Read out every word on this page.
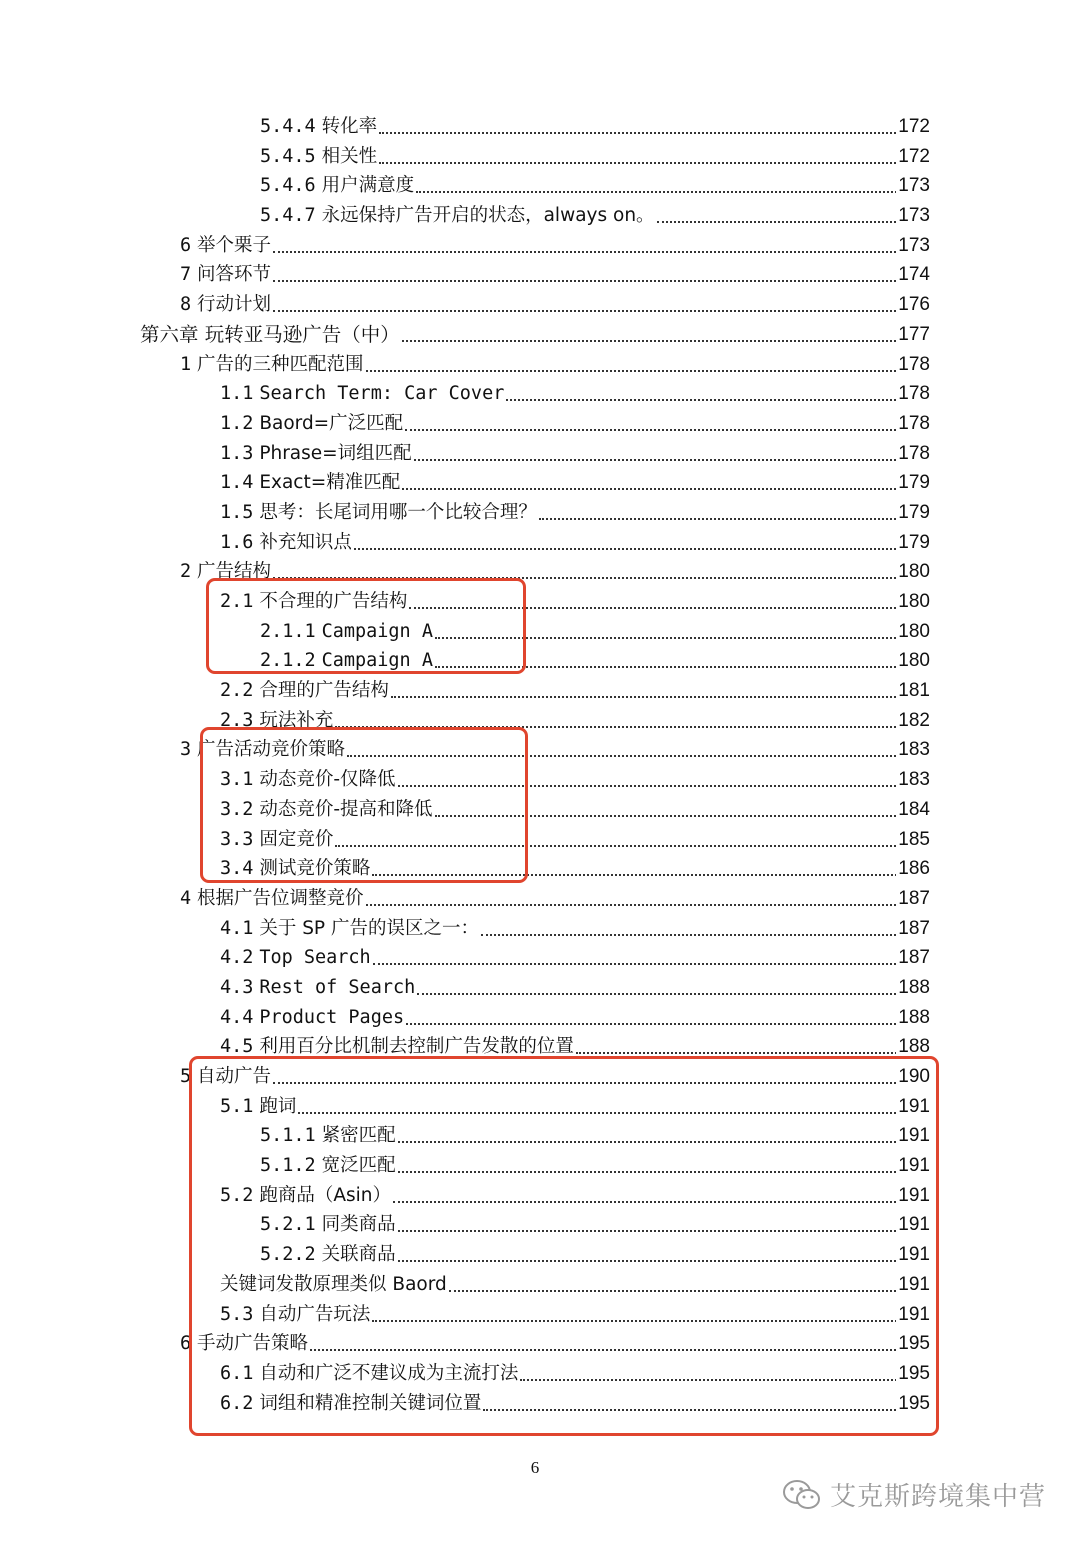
5.4.4 转化率	172
5.4.5 相关性	172
5.4.6 用户满意度	173
5.4.7 永远保持广告开启的状态，always on。	173
6 举个栗子	173
7 问答环节	174
8 行动计划	176
第六章 玩转亚马逊广告（中）	177
1 广告的三种匹配范围	178
1.1 Search Term: Car Cover	178
1.2 Baord=广泛匹配	178
1.3 Phrase=词组匹配	178
1.4 Exact=精准匹配	179
1.5 思考：长尾词用哪一个比较合理？	179
1.6 补充知识点	179
2 广告结构	180
2.1 不合理的广告结构	180
2.1.1 Campaign A	180
2.1.2 Campaign A	180
2.2 合理的广告结构	181
2.3 玩法补充	182
3 广告活动竞价策略	183
3.1 动态竞价-仅降低	183
3.2 动态竞价-提高和降低	184
3.3 固定竞价	185
3.4 测试竞价策略	186
4 根据广告位调整竞价	187
4.1 关于 SP 广告的误区之一：	187
4.2 Top Search	187
4.3 Rest of Search	188
4.4 Product Pages	188
4.5 利用百分比机制去控制广告发散的位置	188
5 自动广告	190
5.1 跑词	191
5.1.1 紧密匹配	191
5.1.2 宽泛匹配	191
5.2 跑商品（Asin）	191
5.2.1 同类商品	191
5.2.2 关联商品	191
关键词发散原理类似 Baord	191
5.3 自动广告玩法	191
6 手动广告策略	195
6.1 自动和广泛不建议成为主流打法	195
6.2 词组和精准控制关键词位置	195
6
艾克斯跨境集中营
